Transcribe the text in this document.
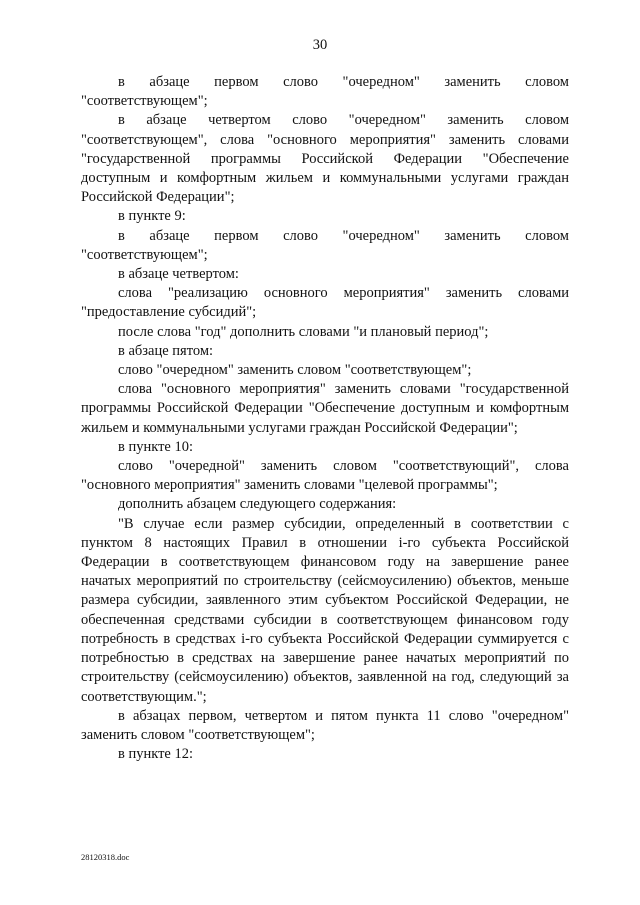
30

в абзаце первом слово "очередном" заменить словом "соответствующем";

в абзаце четвертом слово "очередном" заменить словом "соответствующем", слова "основного мероприятия" заменить словами "государственной программы Российской Федерации "Обеспечение доступным и комфортным жильем и коммунальными услугами граждан Российской Федерации";

в пункте 9:

в абзаце первом слово "очередном" заменить словом "соответствующем";

в абзаце четвертом:

слова "реализацию основного мероприятия" заменить словами "предоставление субсидий";

после слова "год" дополнить словами "и плановый период";

в абзаце пятом:

слово "очередном" заменить словом "соответствующем";

слова "основного мероприятия" заменить словами "государственной программы Российской Федерации "Обеспечение доступным и комфортным жильем и коммунальными услугами граждан Российской Федерации";

в пункте 10:

слово "очередной" заменить словом "соответствующий", слова "основного мероприятия" заменить словами "целевой программы";

дополнить абзацем следующего содержания:

"В случае если размер субсидии, определенный в соответствии с пунктом 8 настоящих Правил в отношении i-го субъекта Российской Федерации в соответствующем финансовом году на завершение ранее начатых мероприятий по строительству (сейсмоусилению) объектов, меньше размера субсидии, заявленного этим субъектом Российской Федерации, не обеспеченная средствами субсидии в соответствующем финансовом году потребность в средствах i-го субъекта Российской Федерации суммируется с потребностью в средствах на завершение ранее начатых мероприятий по строительству (сейсмоусилению) объектов, заявленной на год, следующий за соответствующим.";

в абзацах первом, четвертом и пятом пункта 11 слово "очередном" заменить словом "соответствующем";

в пункте 12:

28120318.doc
